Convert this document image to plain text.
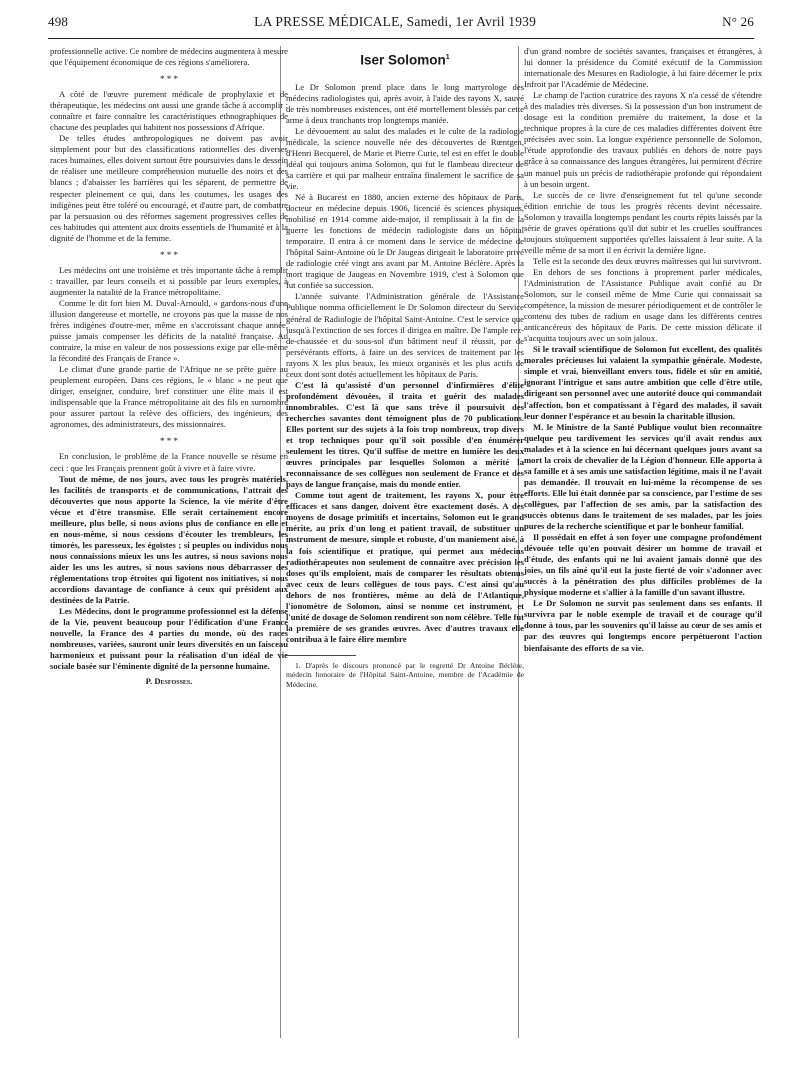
498	LA PRESSE MÉDICALE, Samedi, 1er Avril 1939	N° 26

professionnelle active. Ce nombre de médecins augmentera à mesure que l'équipement économique de ces régions s'améliorera.

* * *

A côté de l'œuvre purement médicale de prophylaxie et de thérapeutique, les médecins ont aussi une grande tâche à accomplir : connaître et faire connaître les caractéristiques ethnographiques de chacune des peuplades qui habitent nos possessions d'Afrique.

De telles études anthropologiques ne doivent pas avoir simplement pour but des classifications rationnelles des diverses races humaines, elles doivent surtout être poursuivies dans le dessein de réaliser une meilleure compréhension mutuelle des noirs et des blancs ; d'abaisser les barrières qui les séparent, de permettre de respecter pleinement ce qui, dans les coutumes, les usages des indigènes peut être toléré ou encouragé, et d'autre part, de combattre par la persuasion ou des réformes sagement progressives celles de ces habitudes qui attentent aux droits essentiels de l'humanité et à la dignité de l'homme et de la femme.

* * *

Les médecins ont une troisième et très importante tâche à remplir : travailler, par leurs conseils et si possible par leurs exemples, à augmenter la natalité de la France métropolitaine.

Comme le dit fort bien M. Duval-Arnould, « gardons-nous d'une illusion dangereuse et mortelle, ne croyons pas que la masse de nos frères indigènes d'outre-mer, même en s'accroissant chaque année, puisse jamais compenser les déficits de la natalité française. Au contraire, la mise en valeur de nos possessions exige par elle-même la fécondité des Français de France ».

Le climat d'une grande partie de l'Afrique ne se prête guère au peuplement européen. Dans ces régions, le « blanc » ne peut que diriger, enseigner, conduire, bref constituer une élite mais il est indispensable que la France métropolitaine ait des fils en surnombre pour assurer partout la relève des officiers, des ingénieurs, des agronomes, des administrateurs, des missionnaires.

* * *

En conclusion, le problème de la France nouvelle se résume en ceci : que les Français prennent goût à vivre et à faire vivre.

Tout de même, de nos jours, avec tous les progrès matériels, les facilités de transports et de communications, l'attrait des découvertes que nous apporte la Science, la vie mérite d'être vécue et d'être transmise. Elle serait certainement encore meilleure, plus belle, si nous avions plus de confiance en elle et en nous-même, si nous cessions d'écouter les trembleurs, les timorés, les paresseux, les égoïstes ; si peuples ou individus nous nous connaissions mieux les uns les autres, si nous savions nous aider les uns les autres, si nous savions nous débarrasser des réglementations trop étroites qui ligotent nos initiatives, si nous accordions davantage de confiance à ceux qui président aux destinées de la Patrie.

Les Médecins, dont le programme professionnel est la défense de la Vie, peuvent beaucoup pour l'édification d'une France nouvelle, la France des 4 parties du monde, où des races nombreuses, variées, sauront unir leurs diversités en un faisceau harmonieux et puissant pour la réalisation d'un idéal de vie sociale basée sur l'éminente dignité de la personne humaine.

P. Desfosses.

Iser Solomon$^1$

Le Dr Solomon prend place dans le long martyrologe des médecins radiologistes qui, après avoir, à l'aide des rayons X, sauvé de très nombreuses existences, ont été mortellement blessés par cette arme à deux tranchants trop longtemps maniée.

Le dévouement au salut des malades et le culte de la radiologie médicale, la science nouvelle née des découvertes de Rœntgen, d'Henri Becquerel, de Marie et Pierre Curie, tel est en effet le double idéal qui toujours anima Solomon, qui fut le flambeau directeur de sa carrière et qui par malheur entraîna finalement le sacrifice de sa vie.

Né à Bucarest en 1880, ancien externe des hôpitaux de Paris, docteur en médecine depuis 1906, licencié ès sciences physiques, mobilisé en 1914 comme aide-major, il remplissait à la fin de la guerre les fonctions de médecin radiologiste dans un hôpital temporaire. Il entra à ce moment dans le service de médecine de l'hôpital Saint-Antoine où le Dr Jaugeas dirigeait le laboratoire privé de radiologie créé vingt ans avant par M. Antoine Béclère. Après la mort tragique de Jaugeas en Novembre 1919, c'est à Solomon que fut confiée sa succession.

L'année suivante l'Administration générale de l'Assistance Publique nomma officiellement le Dr Solomon directeur du Service général de Radiologie de l'hôpital Saint-Antoine. C'est le service que jusqu'à l'extinction de ses forces il dirigea en maître. De l'ample rez-de-chaussée et du sous-sol d'un bâtiment neuf il réussit, par de persévérants efforts, à faire un des services de traitement par les rayons X les plus beaux, les mieux organisés et les plus actifs de ceux dont sont dotés actuellement les hôpitaux de Paris.

C'est là qu'assisté d'un personnel d'infirmières d'élite profondément dévouées, il traita et guérit des malades innombrables. C'est là que sans trêve il poursuivit des recherches savantes dont témoignent plus de 70 publications. Elles portent sur des sujets à la fois trop nombreux, trop divers et trop techniques pour qu'il soit possible d'en énumérer seulement les titres. Qu'il suffise de mettre en lumière les deux œuvres principales par lesquelles Solomon a mérité la reconnaissance de ses collègues non seulement de France et des pays de langue française, mais du monde entier.

Comme tout agent de traitement, les rayons X, pour être efficaces et sans danger, doivent être exactement dosés. A des moyens de dosage primitifs et incertains, Solomon eut le grand mérite, au prix d'un long et patient travail, de substituer un instrument de mesure, simple et robuste, d'un maniement aisé, à la fois scientifique et pratique, qui permet aux médecins radiothérapeutes non seulement de connaître avec précision les doses qu'ils emploient, mais de comparer les résultats obtenus avec ceux de leurs collègues de tous pays. C'est ainsi qu'au dehors de nos frontières, même au delà de l'Atlantique, l'ionomètre de Solomon, ainsi se nomme cet instrument, et l'unité de dosage de Solomon rendirent son nom célèbre. Telle fut la première de ses grandes œuvres. Avec d'autres travaux elle contribua à le faire élire membre

1. D'après le discours prononcé par le regretté Dr Antoine Béclère, médecin honoraire de l'Hôpital Saint-Antoine, membre de l'Académie de Médecine.

d'un grand nombre de sociétés savantes, françaises et étrangères, à lui donner la présidence du Comité exécutif de la Commission internationale des Mesures en Radiologie, à lui faire décerner le prix Infroit par l'Académie de Médecine.

Le champ de l'action curatrice des rayons X n'a cessé de s'étendre à des maladies très diverses. Si la possession d'un bon instrument de dosage est la condition première du traitement, la dose et la technique propres à la cure de ces maladies différentes doivent être précisées avec soin. La longue expérience personnelle de Solomon, l'étude approfondie des travaux publiés en dehors de notre pays grâce à sa connaissance des langues étrangères, lui permirent d'écrire un manuel puis un précis de radiothérapie profonde qui répondaient à un besoin urgent.

Le succès de ce livre d'enseignement fut tel qu'une seconde édition enrichie de tous les progrès récents devint nécessaire. Solomon y travailla longtemps pendant les courts répits laissés par la série de graves opérations qu'il dut subir et les cruelles souffrances toujours stoïquement supportées qu'elles laissaient à leur suite. A la veille même de sa mort il en écrivit la dernière ligne.

Telle est la seconde des deux œuvres maîtresses qui lui survivront.

En dehors de ses fonctions à proprement parler médicales, l'Administration de l'Assistance Publique avait confié au Dr Solomon, sur le conseil même de Mme Curie qui connaissait sa compétence, la mission de mesurer périodiquement et de contrôler le contenu des tubes de radium en usage dans les différents centres anticancéreux des hôpitaux de Paris. De cette mission délicate il s'acquitta toujours avec un soin jaloux.

Si le travail scientifique de Solomon fut excellent, des qualités morales précieuses lui valaient la sympathie générale. Modeste, simple et vrai, bienveillant envers tous, fidèle et sûr en amitié, ignorant l'intrigue et sans autre ambition que celle d'être utile, dirigeant son personnel avec une autorité douce qui commandait l'affection, bon et compatissant à l'égard des malades, il savait leur donner l'espérance et au besoin la charitable illusion.

M. le Ministre de la Santé Publique voulut bien reconnaître quelque peu tardivement les services qu'il avait rendus aux malades et à la science en lui décernant quelques jours avant sa mort la croix de chevalier de la Légion d'honneur. Elle apporta à sa famille et à ses amis une satisfaction légitime, mais il ne l'avait pas demandée. Il trouvait en lui-même la récompense de ses efforts. Elle lui était donnée par sa conscience, par l'estime de ses collègues, par l'affection de ses amis, par la satisfaction des succès obtenus dans le traitement de ses malades, par les joies pures de la recherche scientifique et par le bonheur familial.

Il possédait en effet à son foyer une compagne profondément dévouée telle qu'en pouvait désirer un homme de travail et d'étude, des enfants qui ne lui avaient jamais donné que des joies, un fils aîné qu'il eut la juste fierté de voir s'adonner avec succès à la pénétration des plus difficiles problèmes de la physique moderne et s'allier à la famille d'un savant illustre.

Le Dr Solomon ne survit pas seulement dans ses enfants. Il survivra par le noble exemple de travail et de courage qu'il donne à tous, par les souvenirs qu'il laisse au cœur de ses amis et par des œuvres qui longtemps encore perpétueront l'action bienfaisante des efforts de sa vie.
